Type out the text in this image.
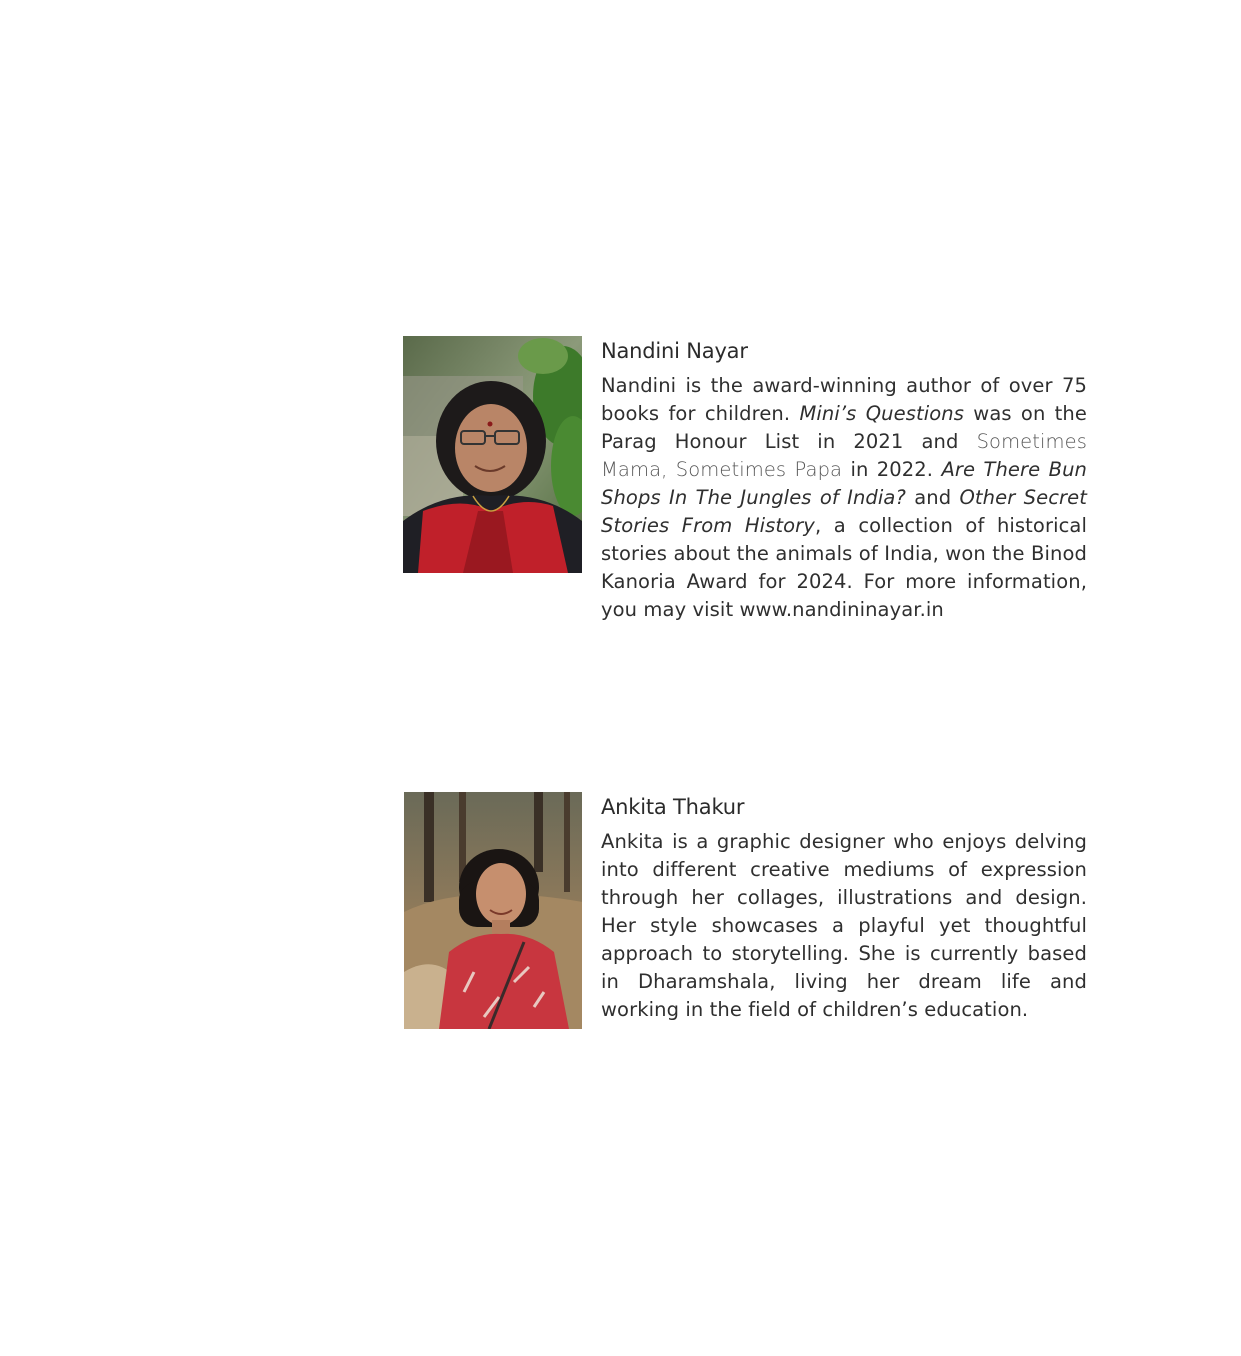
Nandini Nayar

Nandini is the award-winning author of over 75 books for children. Mini’s Questions was on the Parag Honour List in 2021 and Sometimes Mama, Sometimes Papa in 2022. Are There Bun Shops In The Jungles of India? and Other Secret Stories From History, a collection of historical stories about the animals of India, won the Binod Kanoria Award for 2024. For more information, you may visit www.nandininayar.in

Ankita Thakur

Ankita is a graphic designer who enjoys delving into different creative mediums of expression through her collages, illustrations and design. Her style showcases a playful yet thoughtful approach to storytelling. She is currently based in Dharamshala, living her dream life and working in the field of children’s education.
